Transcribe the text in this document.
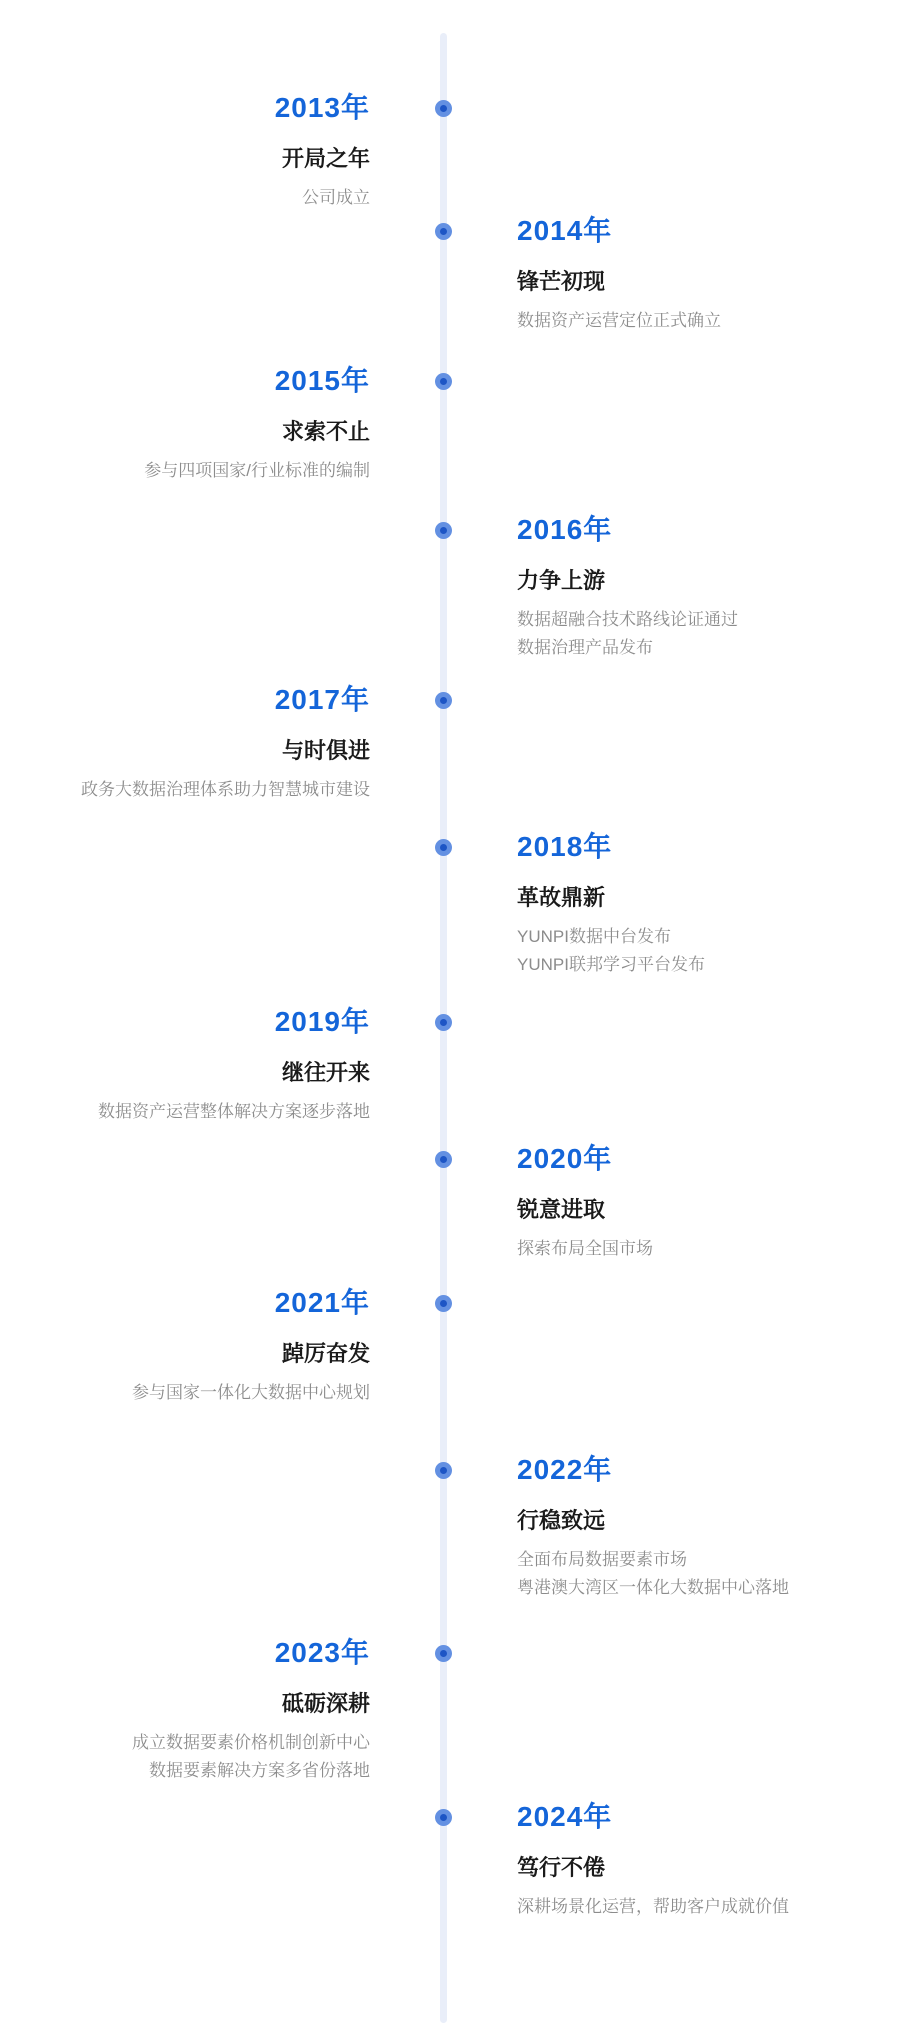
2013年
开局之年
公司成立
2014年
锋芒初现
数据资产运营定位正式确立
2015年
求索不止
参与四项国家/行业标准的编制
2016年
力争上游
数据超融合技术路线论证通过
数据治理产品发布
2017年
与时俱进
政务大数据治理体系助力智慧城市建设
2018年
革故鼎新
YUNPI数据中台发布
YUNPI联邦学习平台发布
2019年
继往开来
数据资产运营整体解决方案逐步落地
2020年
锐意进取
探索布局全国市场
2021年
踔厉奋发
参与国家一体化大数据中心规划
2022年
行稳致远
全面布局数据要素市场
粤港澳大湾区一体化大数据中心落地
2023年
砥砺深耕
成立数据要素价格机制创新中心
数据要素解决方案多省份落地
2024年
笃行不倦
深耕场景化运营，帮助客户成就价值
